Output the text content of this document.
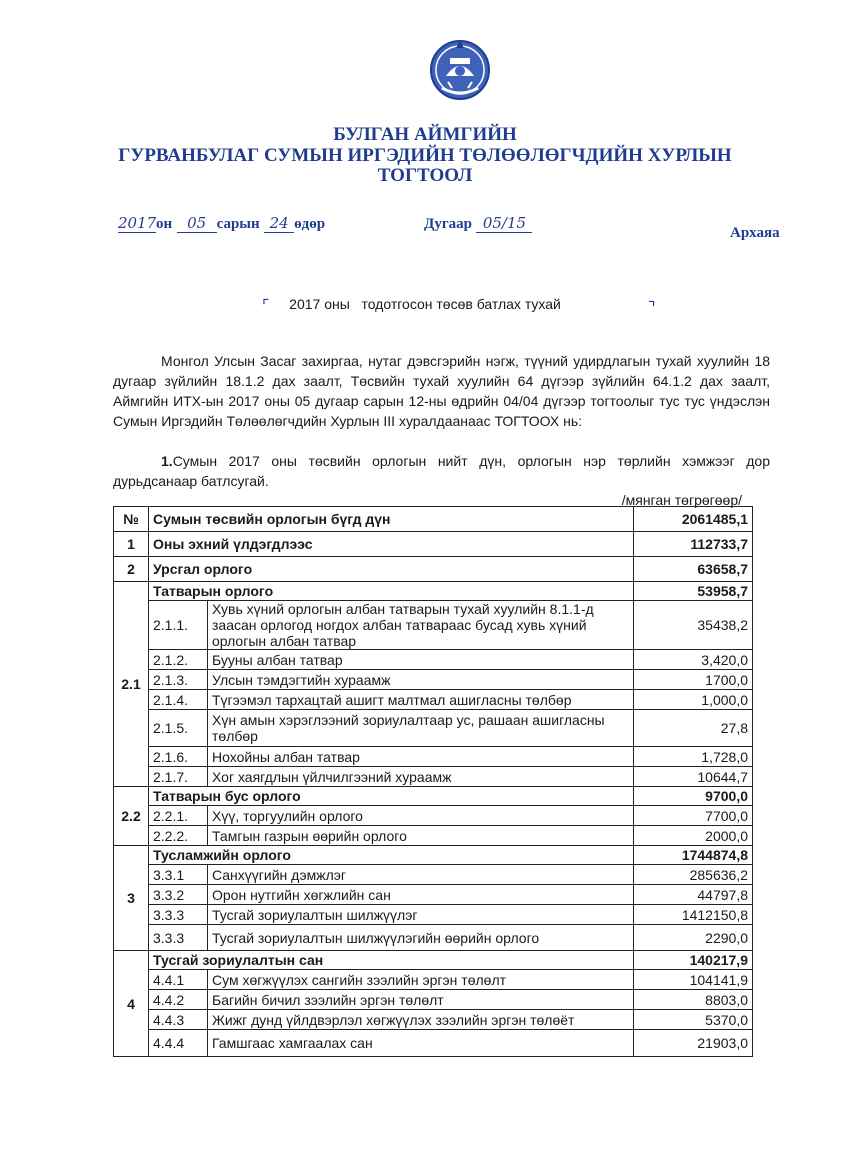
БУЛГАН АЙМГИЙН
ГУРВАНБУЛАГ СУМЫН ИРГЭДИЙН ТӨЛӨӨЛӨГЧДИЙН ХУРЛЫН
ТОГТООЛ
2017он 05 сарын 24 өдөр	Дугаар 05/15
Архаяа
⌜ 2017 оны   тодотгосон төсөв батлах тухай	⌝
Монгол Улсын Засаг захиргаа, нутаг дэвсгэрийн нэгж, түүний удирдлагын тухай хуулийн 18 дугаар зүйлийн 18.1.2 дах заалт, Төсвийн тухай хуулийн 64 дүгээр зүйлийн 64.1.2 дах заалт, Аймгийн ИТХ-ын 2017 оны 05 дугаар сарын 12-ны өдрийн 04/04 дүгээр тогтоолыг тус тус үндэслэн Сумын Иргэдийн Төлөөлөгчдийн Хурлын III хуралдаанаас ТОГТООХ нь:
1.Сумын 2017 оны төсвийн орлогын нийт дүн, орлогын нэр төрлийн хэмжээг дор дурьдсанаар батлсугай.
/мянган төгрөгөөр/
№	Сумын төсвийн орлогын бүгд дүн		2061485,1
1	Оны эхний үлдэгдлээс		112733,7
2	Урсгал орлого		63658,7
2.1	Татварын орлого		53958,7
	2.1.1.	Хувь хүний орлогын албан татварын тухай хуулийн 8.1.1-д заасан орлогод ногдох албан татвараас бусад хувь хүний орлогын албан татвар	35438,2
	2.1.2.	Бууны албан татвар	3,420,0
	2.1.3.	Улсын тэмдэгтийн хураамж	1700,0
	2.1.4.	Түгээмэл тархацтай ашигт малтмал ашигласны төлбөр	1,000,0
	2.1.5.	Хүн амын хэрэглээний зориулалтаар ус, рашаан ашигласны төлбөр	27,8
	2.1.6.	Нохойны албан татвар	1,728,0
	2.1.7.	Хог хаягдлын үйлчилгээний хураамж	10644,7
2.2	Татварын бус орлого		9700,0
	2.2.1.	Хүү, торгуулийн орлого	7700,0
	2.2.2.	Тамгын газрын өөрийн орлого	2000,0
3	Тусламжийн орлого		1744874,8
	3.3.1	Санхүүгийн дэмжлэг	285636,2
	3.3.2	Орон нутгийн хөгжлийн сан	44797,8
	3.3.3	Тусгай зориулалтын шилжүүлэг	1412150,8
	3.3.3	Тусгай зориулалтын шилжүүлэгийн өөрийн орлого	2290,0
4	Тусгай зориулалтын сан		140217,9
	4.4.1	Сум хөгжүүлэх сангийн зээлийн эргэн төлөлт	104141,9
	4.4.2	Багийн бичил зээлийн эргэн төлөлт	8803,0
	4.4.3	Жижг дунд үйлдвэрлэл хөгжүүлэх зээлийн эргэн төлөёт	5370,0
	4.4.4	Гамшгаас хамгаалах сан	21903,0
